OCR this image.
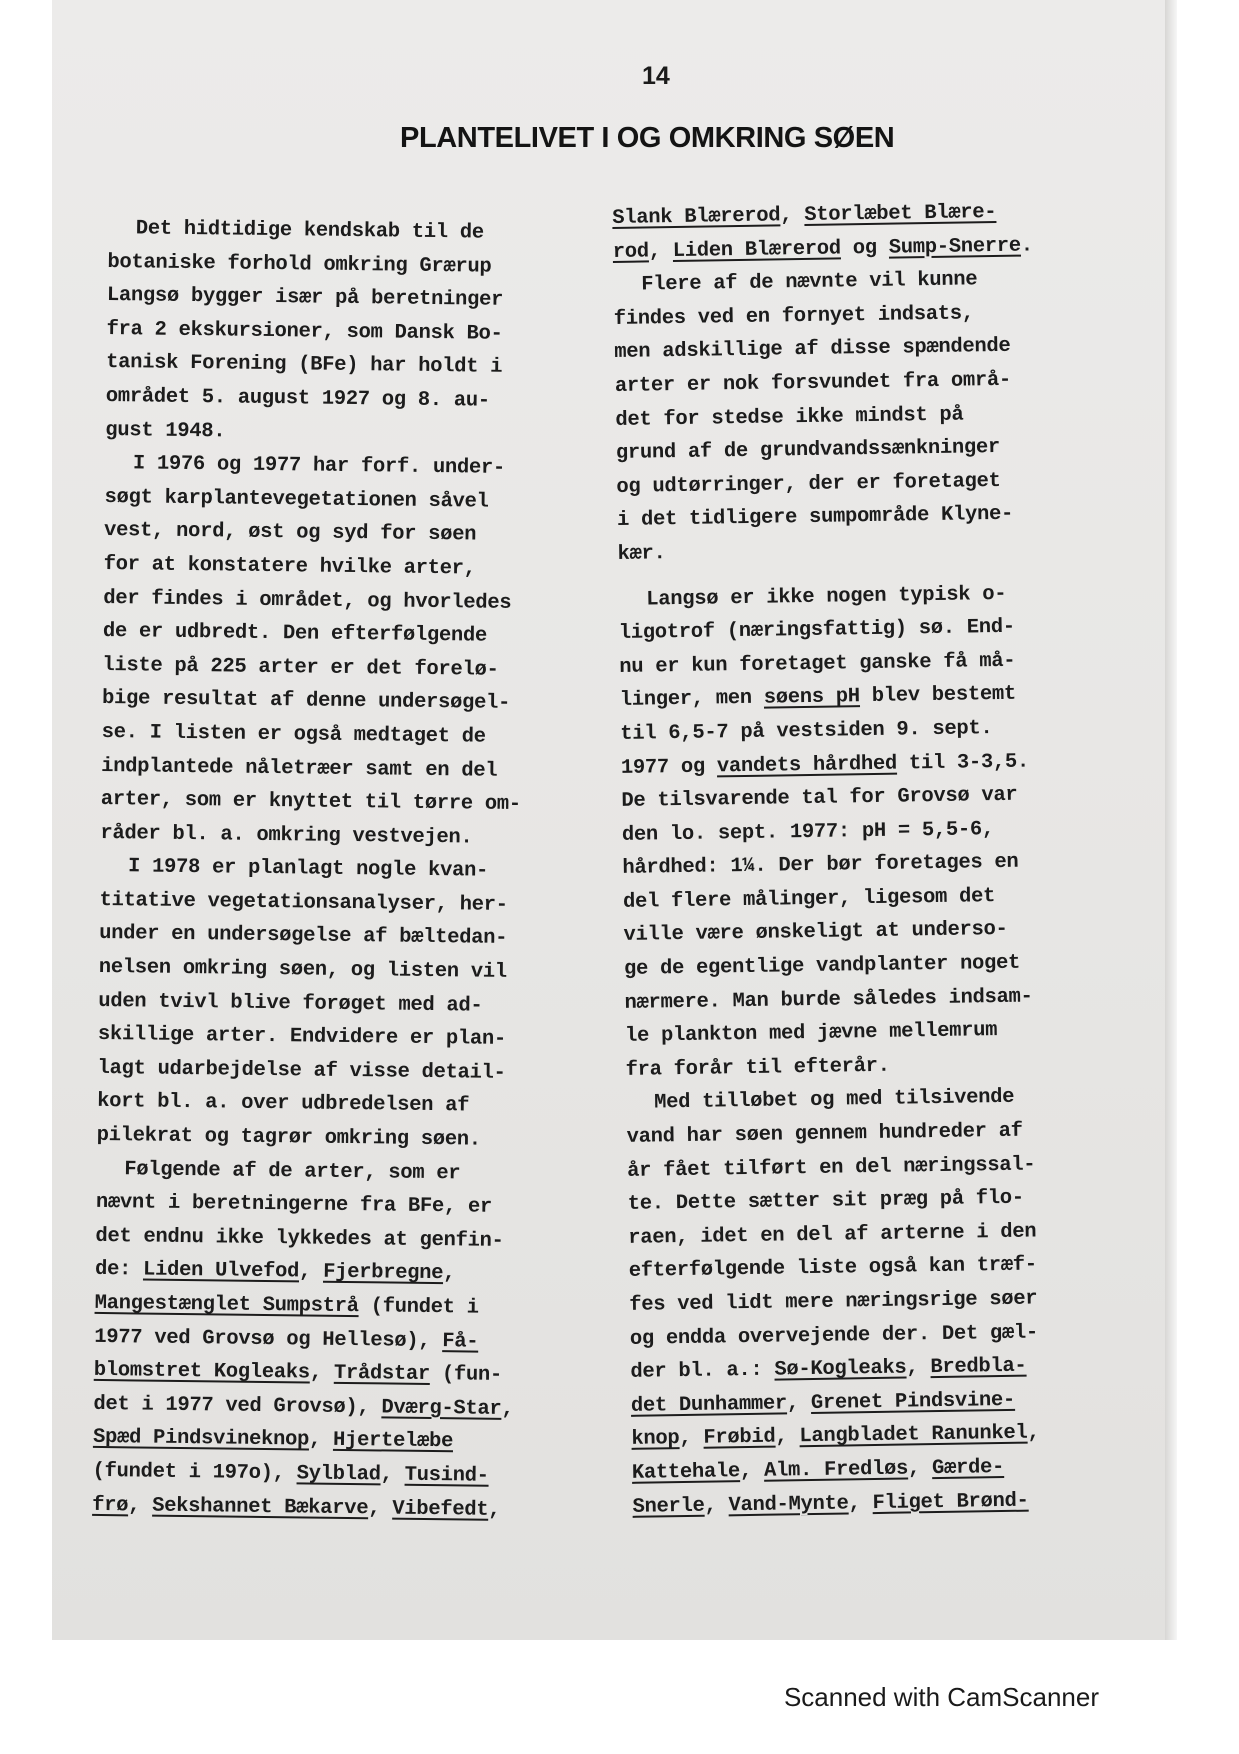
14
PLANTELIVET I OG OMKRING SØEN
Det hidtidige kendskab til de
botaniske forhold omkring Grærup
Langsø bygger især på beretninger
fra 2 ekskursioner, som Dansk Bo-
tanisk Forening (BFe) har holdt i
området 5. august 1927 og 8. au-
gust 1948.
I 1976 og 1977 har forf. under-
søgt karplantevegetationen såvel
vest, nord, øst og syd for søen
for at konstatere hvilke arter,
der findes i området, og hvorledes
de er udbredt. Den efterfølgende
liste på 225 arter er det forelø-
bige resultat af denne undersøgel-
se. I listen er også medtaget de
indplantede nåletræer samt en del
arter, som er knyttet til tørre om-
råder bl. a. omkring vestvejen.
I 1978 er planlagt nogle kvan-
titative vegetationsanalyser, her-
under en undersøgelse af bæltedan-
nelsen omkring søen, og listen vil
uden tvivl blive forøget med ad-
skillige arter. Endvidere er plan-
lagt udarbejdelse af visse detail-
kort bl. a. over udbredelsen af
pilekrat og tagrør omkring søen.
Følgende af de arter, som er
nævnt i beretningerne fra BFe, er
det endnu ikke lykkedes at genfin-
de: Liden Ulvefod, Fjerbregne,
Mangestænglet Sumpstrå (fundet i
1977 ved Grovsø og Hellesø), Få-
blomstret Kogleaks, Trådstar (fun-
det i 1977 ved Grovsø), Dværg-Star,
Spæd Pindsvineknop, Hjertelæbe
(fundet i 197o), Sylblad, Tusind-
frø, Sekshannet Bækarve, Vibefedt,
Slank Blærerod, Storlæbet Blære-
rod, Liden Blærerod og Sump-Snerre.
Flere af de nævnte vil kunne
findes ved en fornyet indsats,
men adskillige af disse spændende
arter er nok forsvundet fra områ-
det for stedse ikke mindst på
grund af de grundvandssænkninger
og udtørringer, der er foretaget
i det tidligere sumpområde Klyne-
kær.
Langsø er ikke nogen typisk o-
ligotrof (næringsfattig) sø. End-
nu er kun foretaget ganske få må-
linger, men søens pH blev bestemt
til 6,5-7 på vestsiden 9. sept.
1977 og vandets hårdhed til 3-3,5.
De tilsvarende tal for Grovsø var
den lo. sept. 1977: pH = 5,5-6,
hårdhed: 1¼. Der bør foretages en
del flere målinger, ligesom det
ville være ønskeligt at underso-
ge de egentlige vandplanter noget
nærmere. Man burde således indsam-
le plankton med jævne mellemrum
fra forår til efterår.
Med tilløbet og med tilsivende
vand har søen gennem hundreder af
år fået tilført en del næringssal-
te. Dette sætter sit præg på flo-
raen, idet en del af arterne i den
efterfølgende liste også kan træf-
fes ved lidt mere næringsrige søer
og endda overvejende der. Det gæl-
der bl. a.: Sø-Kogleaks, Bredbla-
det Dunhammer, Grenet Pindsvine-
knop, Frøbid, Langbladet Ranunkel,
Kattehale, Alm. Fredløs, Gærde-
Snerle, Vand-Mynte, Fliget Brønd-
Scanned with CamScanner
